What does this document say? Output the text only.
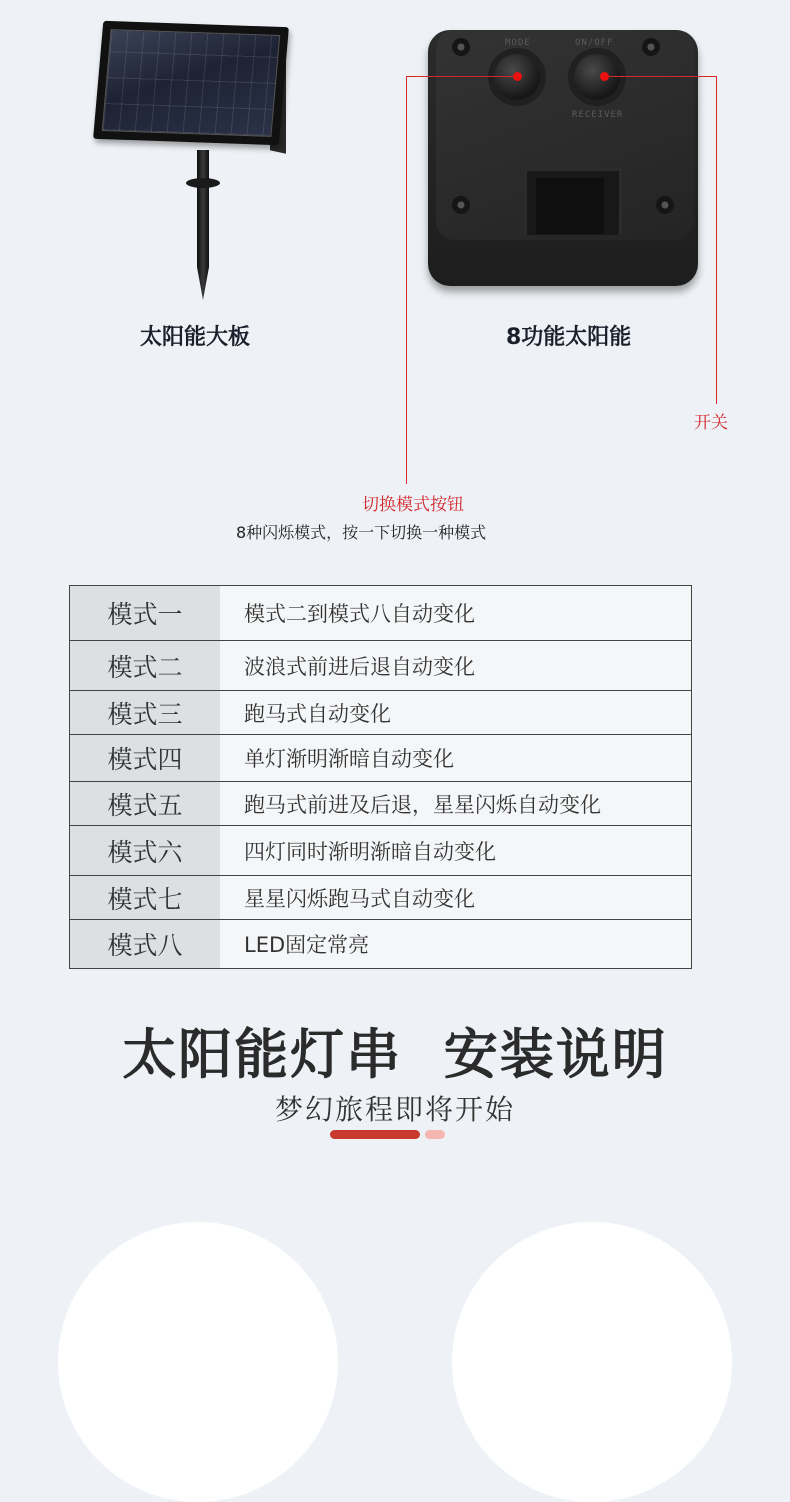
MODE	ON/OFF
RECEIVER
太阳能大板	8功能太阳能
开关
切换模式按钮
8种闪烁模式，按一下切换一种模式
模式一	模式二到模式八自动变化
模式二	波浪式前进后退自动变化
模式三	跑马式自动变化
模式四	单灯渐明渐暗自动变化
模式五	跑马式前进及后退，星星闪烁自动变化
模式六	四灯同时渐明渐暗自动变化
模式七	星星闪烁跑马式自动变化
模式八	LED固定常亮
太阳能灯串  安装说明
梦幻旅程即将开始
